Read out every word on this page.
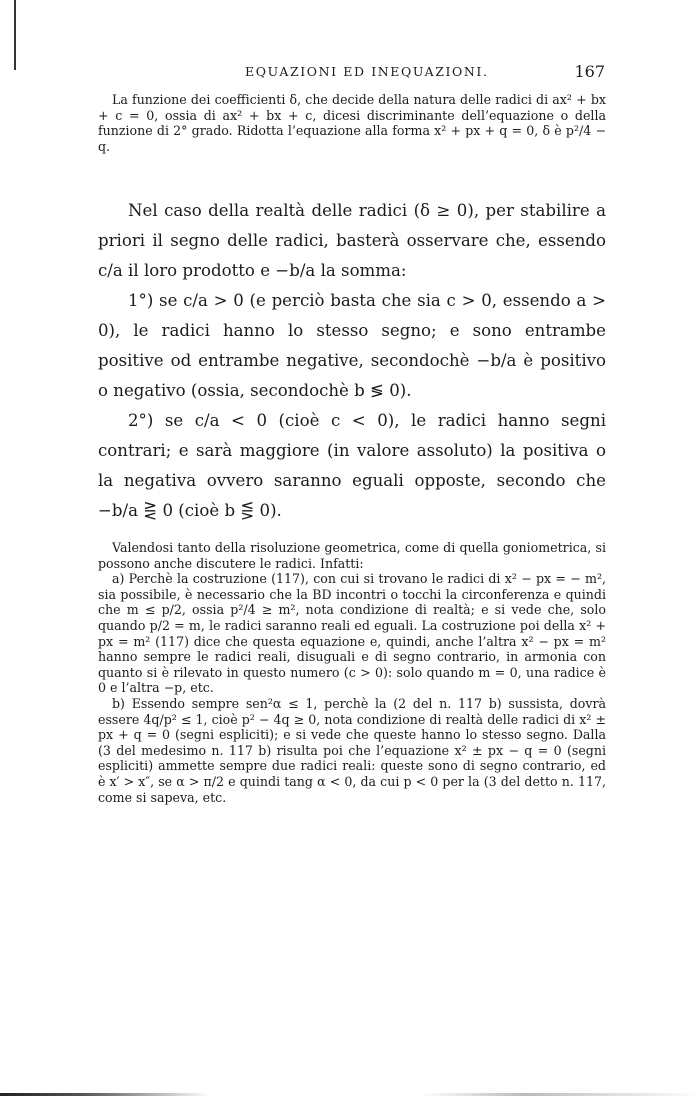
EQUAZIONI ED INEQUAZIONI.	167

La funzione dei coefficienti δ, che decide della natura delle radici di ax² + bx + c = 0, ossia di ax² + bx + c, dicesi discriminante dell’equazione o della funzione di 2° grado. Ridotta l’equazione alla forma x² + px + q = 0, δ è p²/4 − q.

Nel caso della realtà delle radici (δ ≥ 0), per stabilire a priori il segno delle radici, basterà osservare che, essendo c/a il loro prodotto e −b/a la somma:

1°) se c/a > 0 (e perciò basta che sia c > 0, essendo a > 0), le radici hanno lo stesso segno; e sono entrambe positive od entrambe negative, secondochè −b/a è positivo o negativo (ossia, secondochè b ≶ 0).

2°) se c/a < 0 (cioè c < 0), le radici hanno segni contrari; e sarà maggiore (in valore assoluto) la positiva o la negativa ovvero saranno eguali opposte, secondo che −b/a ⋛ 0 (cioè b ⋚ 0).

Valendosi tanto della risoluzione geometrica, come di quella goniometrica, si possono anche discutere le radici. Infatti:

a) Perchè la costruzione (117), con cui si trovano le radici di x² − px = − m², sia possibile, è necessario che la BD incontri o tocchi la circonferenza e quindi che m ≤ p/2, ossia p²/4 ≥ m², nota condizione di realtà; e si vede che, solo quando p/2 = m, le radici saranno reali ed eguali. La costruzione poi della x² + px = m² (117) dice che questa equazione e, quindi, anche l’altra x² − px = m² hanno sempre le radici reali, disuguali e di segno contrario, in armonia con quanto si è rilevato in questo numero (c > 0): solo quando m = 0, una radice è 0 e l’altra −p, etc.

b) Essendo sempre sen²α ≤ 1, perchè la (2 del n. 117 b) sussista, dovrà essere 4q/p² ≤ 1, cioè p² − 4q ≥ 0, nota condizione di realtà delle radici di x² ± px + q = 0 (segni espliciti); e si vede che queste hanno lo stesso segno. Dalla (3 del medesimo n. 117 b) risulta poi che l’equazione x² ± px − q = 0 (segni espliciti) ammette sempre due radici reali: queste sono di segno contrario, ed è x′ > x″, se α > π/2 e quindi tang α < 0, da cui p < 0 per la (3 del detto n. 117, come si sapeva, etc.
